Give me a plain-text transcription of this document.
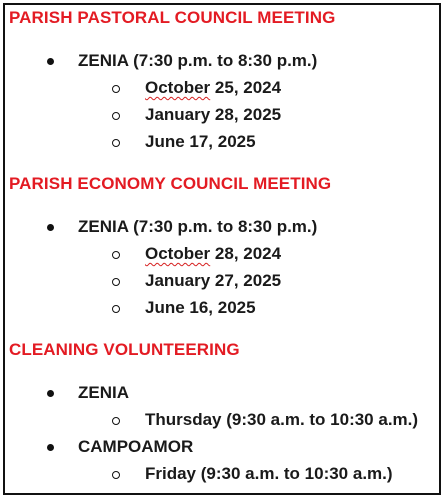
PARISH PASTORAL COUNCIL MEETING
ZENIA (7:30 p.m. to 8:30 p.m.)
October 25, 2024
January 28, 2025
June 17, 2025
PARISH ECONOMY COUNCIL MEETING
ZENIA (7:30 p.m. to 8:30 p.m.)
October 28, 2024
January 27, 2025
June 16, 2025
CLEANING VOLUNTEERING
ZENIA
Thursday (9:30 a.m. to 10:30 a.m.)
CAMPOAMOR
Friday (9:30 a.m. to 10:30 a.m.)
